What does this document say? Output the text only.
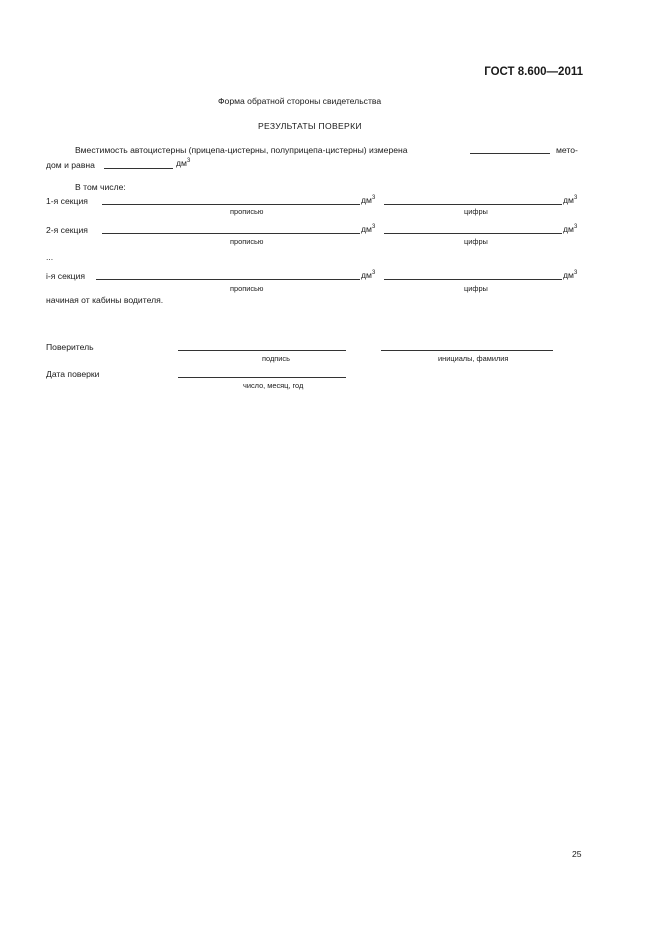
ГОСТ 8.600—2011
Форма обратной стороны свидетельства
РЕЗУЛЬТАТЫ ПОВЕРКИ
Вместимость автоцистерны (прицепа-цистерны, полуприцепа-цистерны) измерена	мето-
дом и равна	$дм^3$
В том числе:
1-я секция	$дм^3$	$дм^3$
прописью	цифры
2-я секция	$дм^3$	$дм^3$
прописью	цифры
...
i-я секция	$дм^3$	$дм^3$
прописью	цифры
начиная от кабины водителя.
Поверитель
подпись	инициалы, фамилия
Дата поверки
число, месяц, год
25
